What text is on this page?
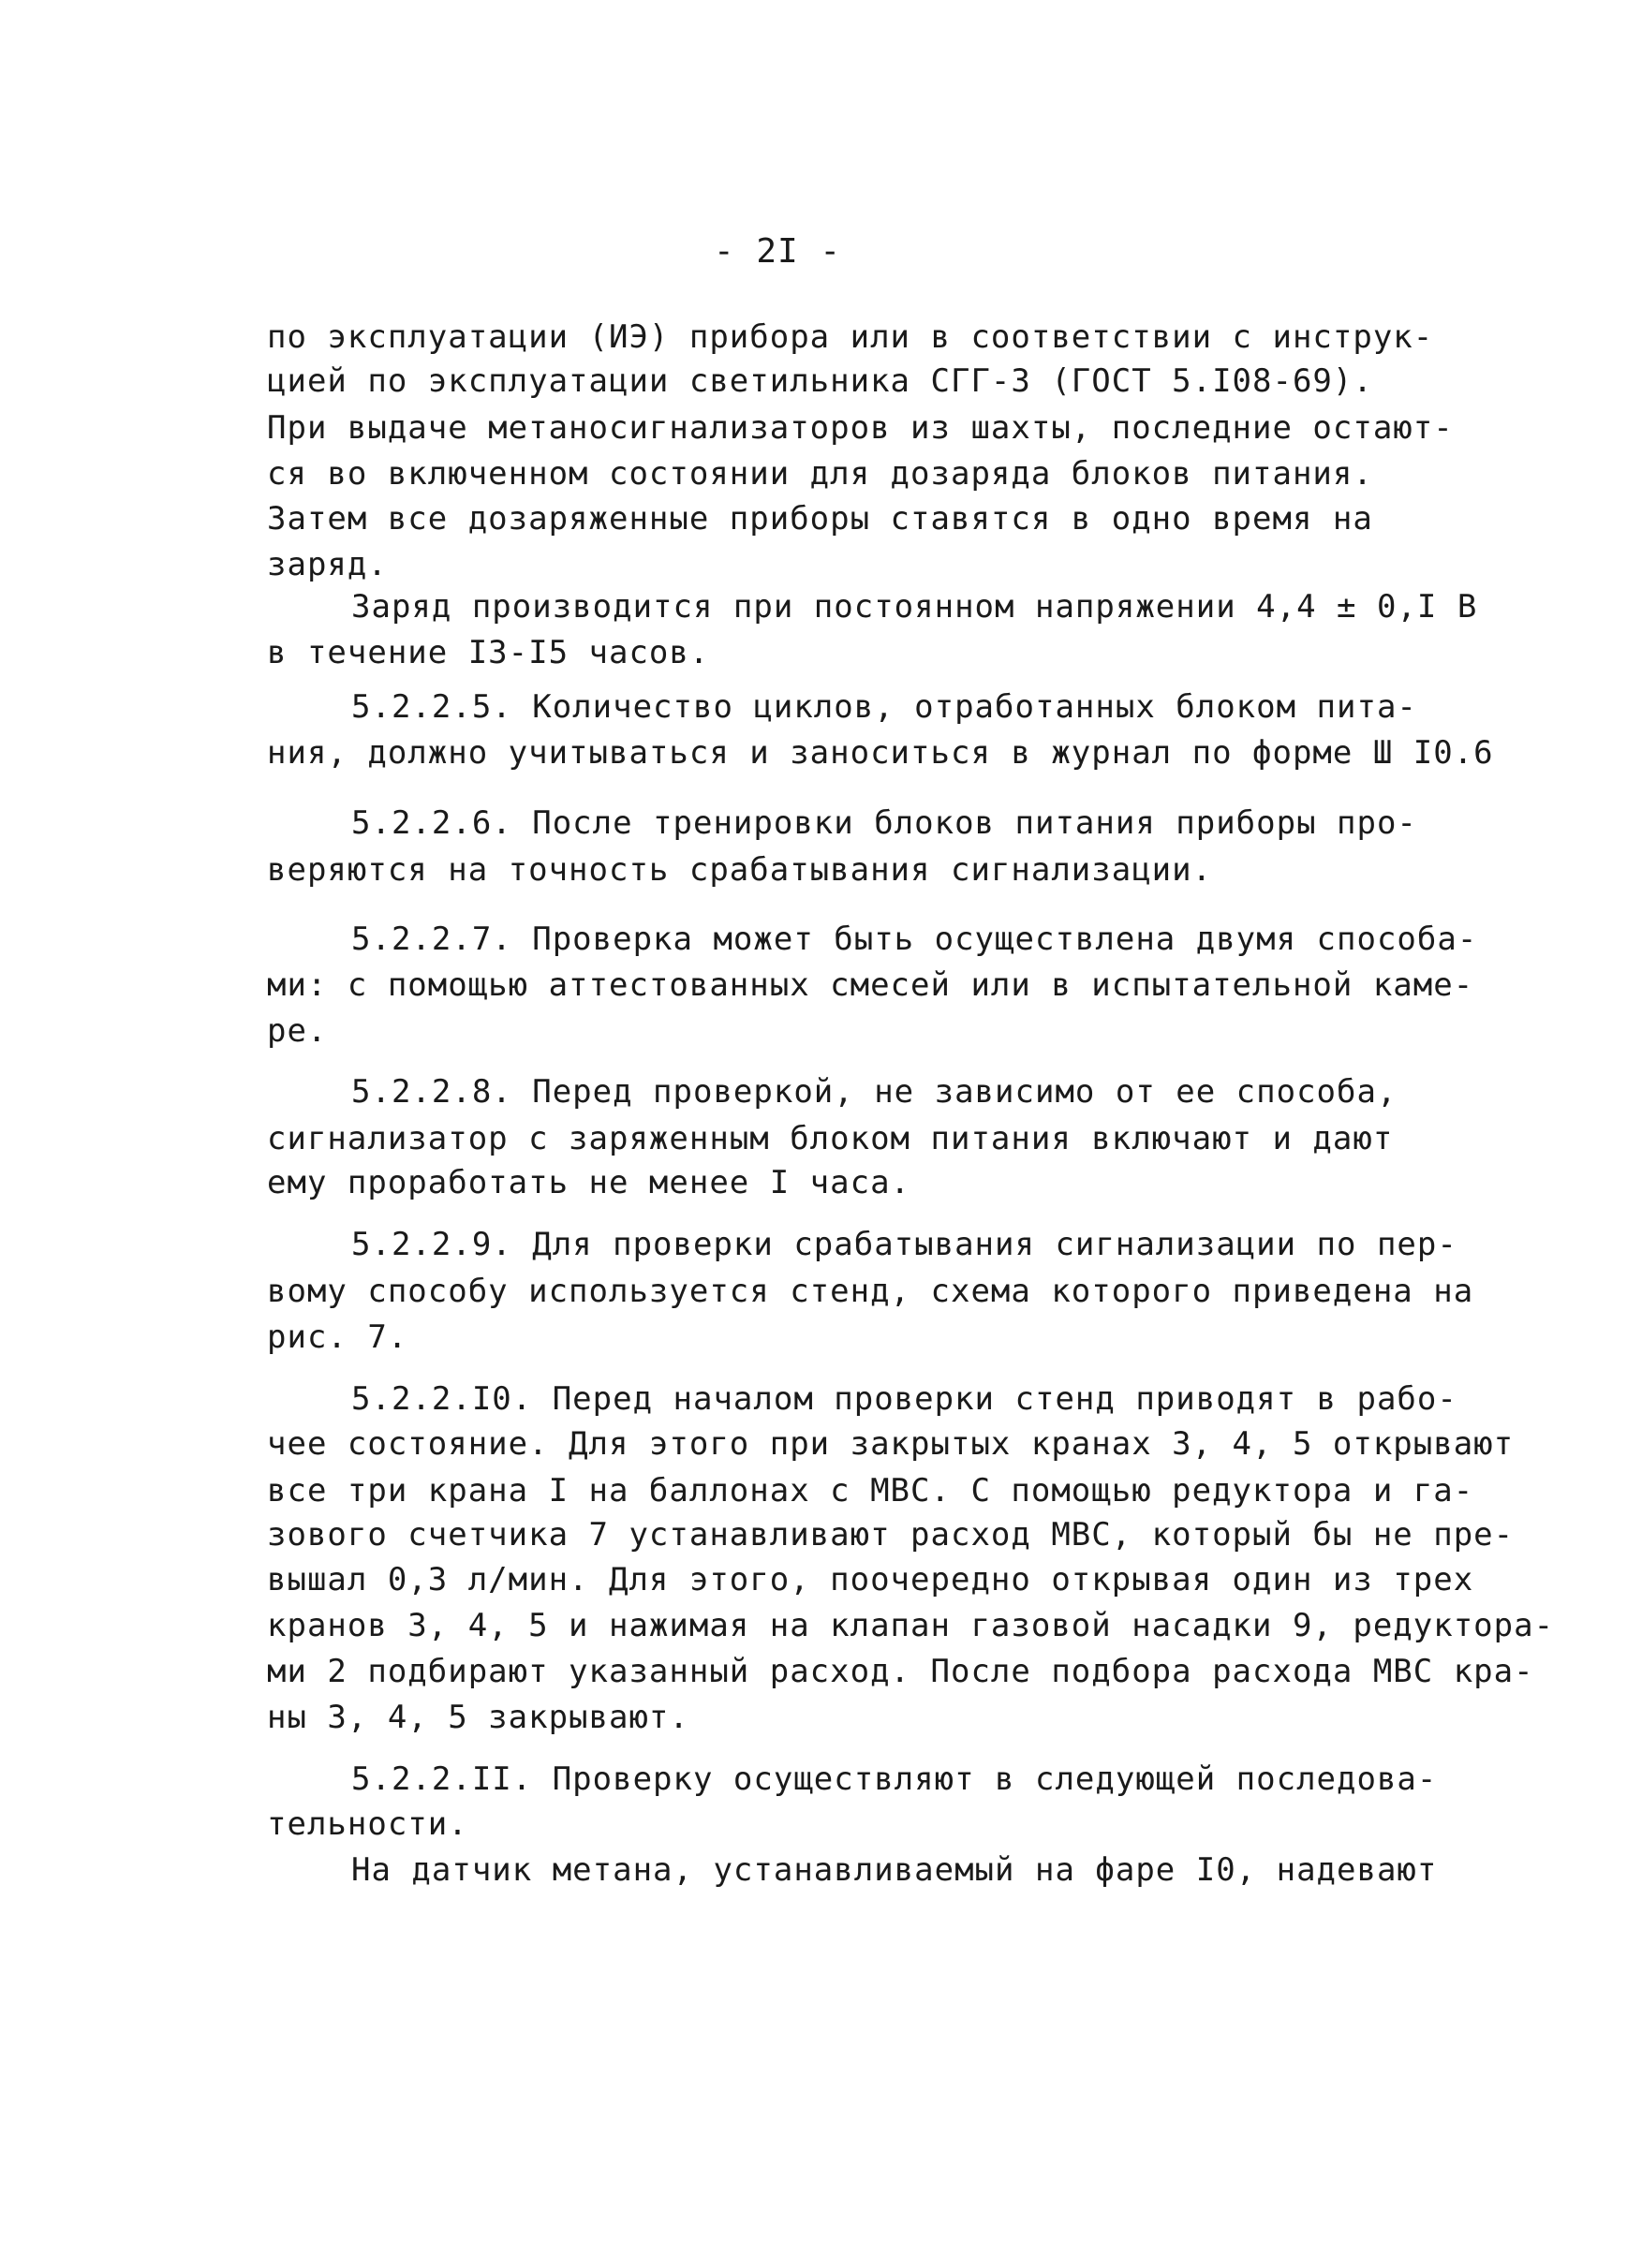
- 2I -
по эксплуатации (ИЭ) прибора или в соответствии с инструк-
цией по эксплуатации светильника СГГ-3 (ГОСТ 5.I08-69).
При выдаче метаносигнализаторов из шахты, последние остают-
ся во включенном состоянии для дозаряда блоков питания.
Затем все дозаряженные приборы ставятся в одно время на
заряд.
Заряд производится при постоянном напряжении 4,4 ± 0,I В
в течение I3-I5 часов.
5.2.2.5. Количество циклов, отработанных блоком пита-
ния, должно учитываться и заноситься в журнал по форме Ш I0.6
5.2.2.6. После тренировки блоков питания приборы про-
веряются на точность срабатывания сигнализации.
5.2.2.7. Проверка может быть осуществлена двумя способа-
ми: с помощью аттестованных смесей или в испытательной каме-
ре.
5.2.2.8. Перед проверкой, не зависимо от ее способа,
сигнализатор с заряженным блоком питания включают и дают
ему проработать не менее I часа.
5.2.2.9. Для проверки срабатывания сигнализации по пер-
вому способу используется стенд, схема которого приведена на
рис. 7.
5.2.2.I0. Перед началом проверки стенд приводят в рабо-
чее состояние. Для этого при закрытых кранах 3, 4, 5 открывают
все три крана I на баллонах с МВС. С помощью редуктора и га-
зового счетчика 7 устанавливают расход МВС, который бы не пре-
вышал 0,3 л/мин. Для этого, поочередно открывая один из трех
кранов 3, 4, 5 и нажимая на клапан газовой насадки 9, редуктора-
ми 2 подбирают указанный расход. После подбора расхода МВС кра-
ны 3, 4, 5 закрывают.
5.2.2.II. Проверку осуществляют в следующей последова-
тельности.
На датчик метана, устанавливаемый на фаре I0, надевают
